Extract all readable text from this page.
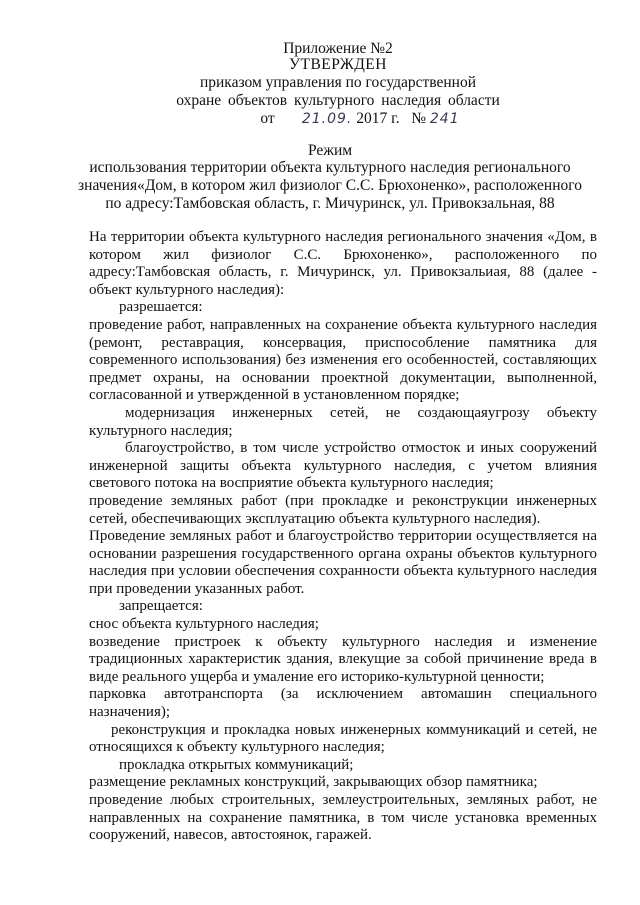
Приложение №2
УТВЕРЖДЕН
приказом управления по государственной
охране объектов культурного наследия области
от 21.09. 2017 г. № 241
Режим
использования территории объекта культурного наследия регионального
значения«Дом, в котором жил физиолог С.С. Брюхоненко», расположенного
по адресу:Тамбовская область, г. Мичуринск, ул. Привокзальная, 88

На территории объекта культурного наследия регионального значения «Дом, в котором жил физиолог С.С. Брюхоненко», расположенного по адресу:Тамбовская область, г. Мичуринск, ул. Привокзальиая, 88 (далее - объект культурного наследия):

разрешается:

проведение работ, направленных на сохранение объекта культурного наследия (ремонт, реставрация, консервация, приспособление памятника для современного использования) без изменения его особенностей, составляющих предмет охраны, на основании проектной документации, выполненной, согласованной и утвержденной в установленном порядке;

модернизация инженерных сетей, не создающаяугрозу объекту культурного наследия;

благоустройство, в том числе устройство отмосток и иных сооружений инженерной защиты объекта культурного наследия, с учетом влияния светового потока на восприятие объекта культурного наследия;

проведение земляных работ (при прокладке и реконструкции инженерных сетей, обеспечивающих эксплуатацию объекта культурного наследия).

Проведение земляных работ и благоустройство территории осуществляется на основании разрешения государственного органа охраны объектов культурного наследия при условии обеспечения сохранности объекта культурного наследия при проведении указанных работ.

запрещается:

снос объекта культурного наследия;

возведение пристроек к объекту культурного наследия и изменение традиционных характеристик здания, влекущие за собой причинение вреда в виде реального ущерба и умаление его историко-культурной ценности;

парковка автотранспорта (за исключением автомашин специального назначения);

реконструкция и прокладка новых инженерных коммуникаций и сетей, не относящихся к объекту культурного наследия;

прокладка открытых коммуникаций;

размещение рекламных конструкций, закрывающих обзор памятника;

проведение любых строительных, землеустроительных, земляных работ, не направленных на сохранение памятника, в том числе установка временных сооружений, навесов, автостоянок, гаражей.
